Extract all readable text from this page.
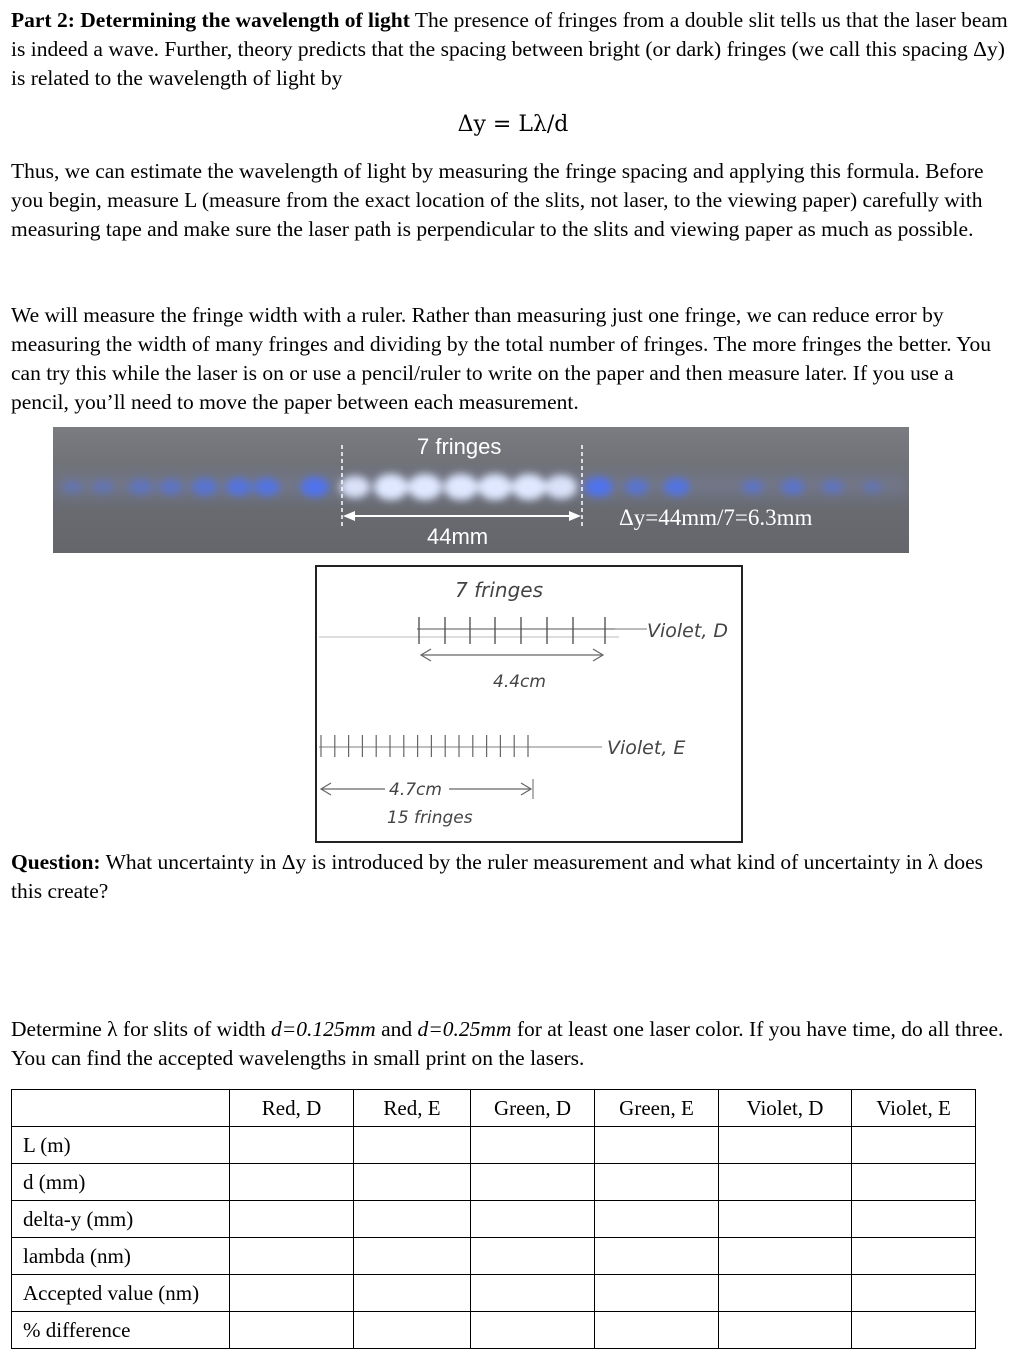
Part 2: Determining the wavelength of light The presence of fringes from a double slit tells us that the laser beam is indeed a wave. Further, theory predicts that the spacing between bright (or dark) fringes (we call this spacing Δy) is related to the wavelength of light by

Δy = Lλ/d

Thus, we can estimate the wavelength of light by measuring the fringe spacing and applying this formula. Before you begin, measure L (measure from the exact location of the slits, not laser, to the viewing paper) carefully with measuring tape and make sure the laser path is perpendicular to the slits and viewing paper as much as possible.

We will measure the fringe width with a ruler. Rather than measuring just one fringe, we can reduce error by measuring the width of many fringes and dividing by the total number of fringes. The more fringes the better. You can try this while the laser is on or use a pencil/ruler to write on the paper and then measure later. If you use a pencil, you’ll need to move the paper between each measurement.

7 fringes
44mm
Δy=44mm/7=6.3mm
7 fringes
Violet, D
4.4cm
Violet, E
4.7cm
15 fringes

Question: What uncertainty in Δy is introduced by the ruler measurement and what kind of uncertainty in λ does this create?

Determine λ for slits of width d=0.125mm and d=0.25mm for at least one laser color. If you have time, do all three. You can find the accepted wavelengths in small print on the lasers.

	Red, D	Red, E	Green, D	Green, E	Violet, D	Violet, E
L (m)						
d (mm)						
delta-y (mm)						
lambda (nm)						
Accepted value (nm)						
% difference						
